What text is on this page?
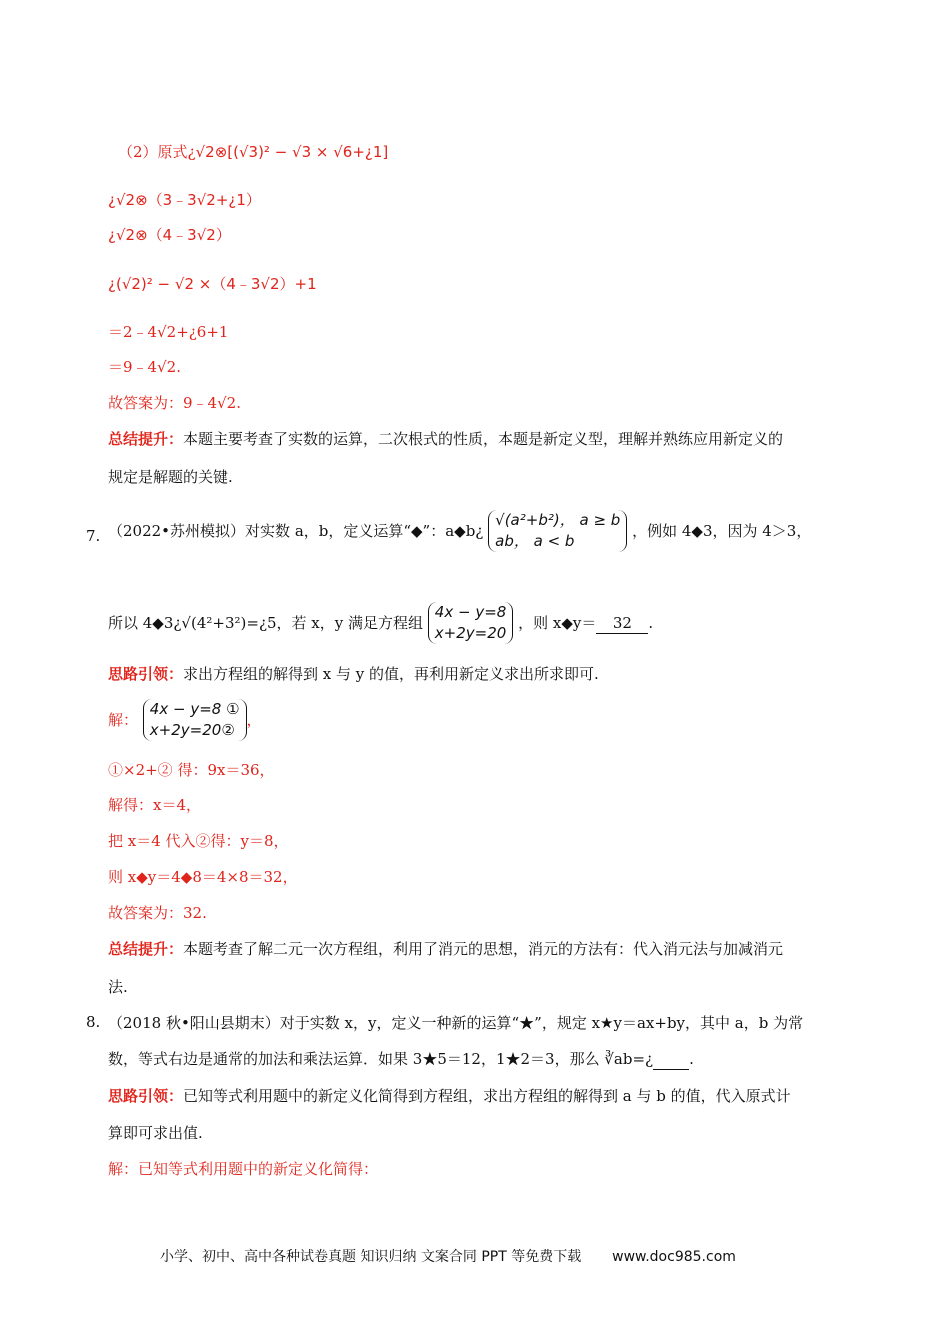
（2）原式¿√2⊗[(√3)² − √3 × √6+¿1]
¿√2⊗（3﹣3√2+¿1）
¿√2⊗（4﹣3√2）
¿(√2)² − √2 ×（4﹣3√2）+1
＝2﹣4√2+¿6+1
＝9﹣4√2.
故答案为：9﹣4√2.
总结提升：本题主要考查了实数的运算，二次根式的性质，本题是新定义型，理解并熟练应用新定义的
规定是解题的关键.
7. （2022•苏州模拟）对实数 a，b，定义运算“◆”：a◆b¿ √(a²+b²)， a ≥ b
ab， a < b ，例如 4◆3，因为 4＞3，
所以 4◆3¿√(4²+3²)=¿5，若 x，y 满足方程组 4x − y=8
x+2y=20 ，则 x◆y＝ 32 .
思路引领：求出方程组的解得到 x 与 y 的值，再利用新定义求出所求即可.
解： 4x − y=8 ①
x+2y=20②，
①×2+② 得：9x＝36，
解得：x＝4，
把 x＝4 代入②得：y＝8，
则 x◆y＝4◆8＝4×8＝32，
故答案为：32.
总结提升：本题考查了解二元一次方程组，利用了消元的思想，消元的方法有：代入消元法与加减消元
法.
8. （2018 秋•阳山县期末）对于实数 x，y，定义一种新的运算“★”，规定 x★y＝ax+by，其中 a，b 为常
数，等式右边是通常的加法和乘法运算．如果 3★5＝12，1★2＝3，那么 ∛ab=¿ .
思路引领：已知等式利用题中的新定义化简得到方程组，求出方程组的解得到 a 与 b 的值，代入原式计
算即可求出值.
解：已知等式利用题中的新定义化简得：
小学、初中、高中各种试卷真题 知识归纳 文案合同 PPT 等免费下载 www.doc985.com
